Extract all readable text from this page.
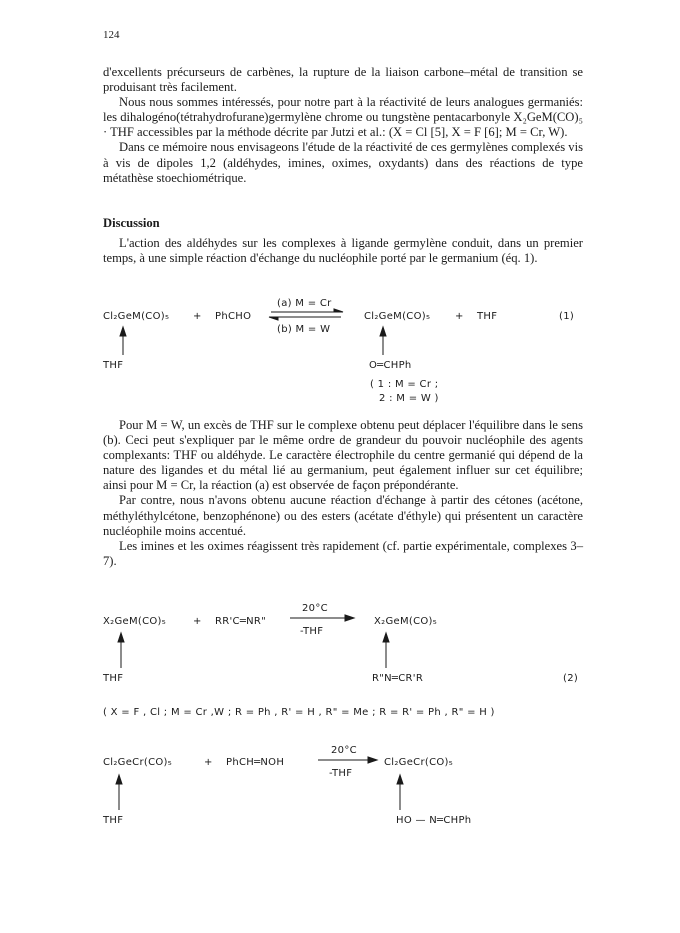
124

d'excellents précurseurs de carbènes, la rupture de la liaison carbone–métal de transition se produisant très facilement.

Nous nous sommes intéressés, pour notre part à la réactivité de leurs analogues germaniés: les dihalogéno(tétrahydrofurane)germylène chrome ou tungstène pentacarbonyle X₂GeM(CO)₅ · THF accessibles par la méthode décrite par Jutzi et al.: (X = Cl [5], X = F [6]; M = Cr, W).

Dans ce mémoire nous envisageons l'étude de la réactivité de ces germylènes complexés vis à vis de dipoles 1,2 (aldéhydes, imines, oximes, oxydants) dans des réactions de type métathèse stoechiométrique.

Discussion

L'action des aldéhydes sur les complexes à ligande germylène conduit, dans un premier temps, à une simple réaction d'échange du nucléophile porté par le germanium (éq. 1).

Cl₂GeM(CO)₅ + PhCHO
(a) M = Cr
(b) M = W
Cl₂GeM(CO)₅ + THF	(1)
THF	O═CHPh
( 1 : M = Cr ;
2 : M = W )

Pour M = W, un excès de THF sur le complexe obtenu peut déplacer l'équilibre dans le sens (b). Ceci peut s'expliquer par le même ordre de grandeur du pouvoir nucléophile des agents complexants: THF ou aldéhyde. Le caractère électrophile du centre germanié qui dépend de la nature des ligandes et du métal lié au germanium, peut également influer sur cet équilibre; ainsi pour M = Cr, la réaction (a) est observée de façon prépondérante.

Par contre, nous n'avons obtenu aucune réaction d'échange à partir des cétones (acétone, méthyléthylcétone, benzophénone) ou des esters (acétate d'éthyle) qui présentent un caractère nucléophile moins accentué.

Les imines et les oximes réagissent très rapidement (cf. partie expérimentale, complexes 3–7).

X₂GeM(CO)₅	+ RR'C═NR"
20°C
-THF
X₂GeM(CO)₅
THF	R"N═CR'R	(2)
( X = F , Cl ; M = Cr ,W ; R = Ph , R' = H , R" = Me ; R = R' = Ph , R" = H )
Cl₂GeCr(CO)₅	+ PhCH═NOH
20°C
-THF
Cl₂GeCr(CO)₅
THF	HO — N═CHPh
